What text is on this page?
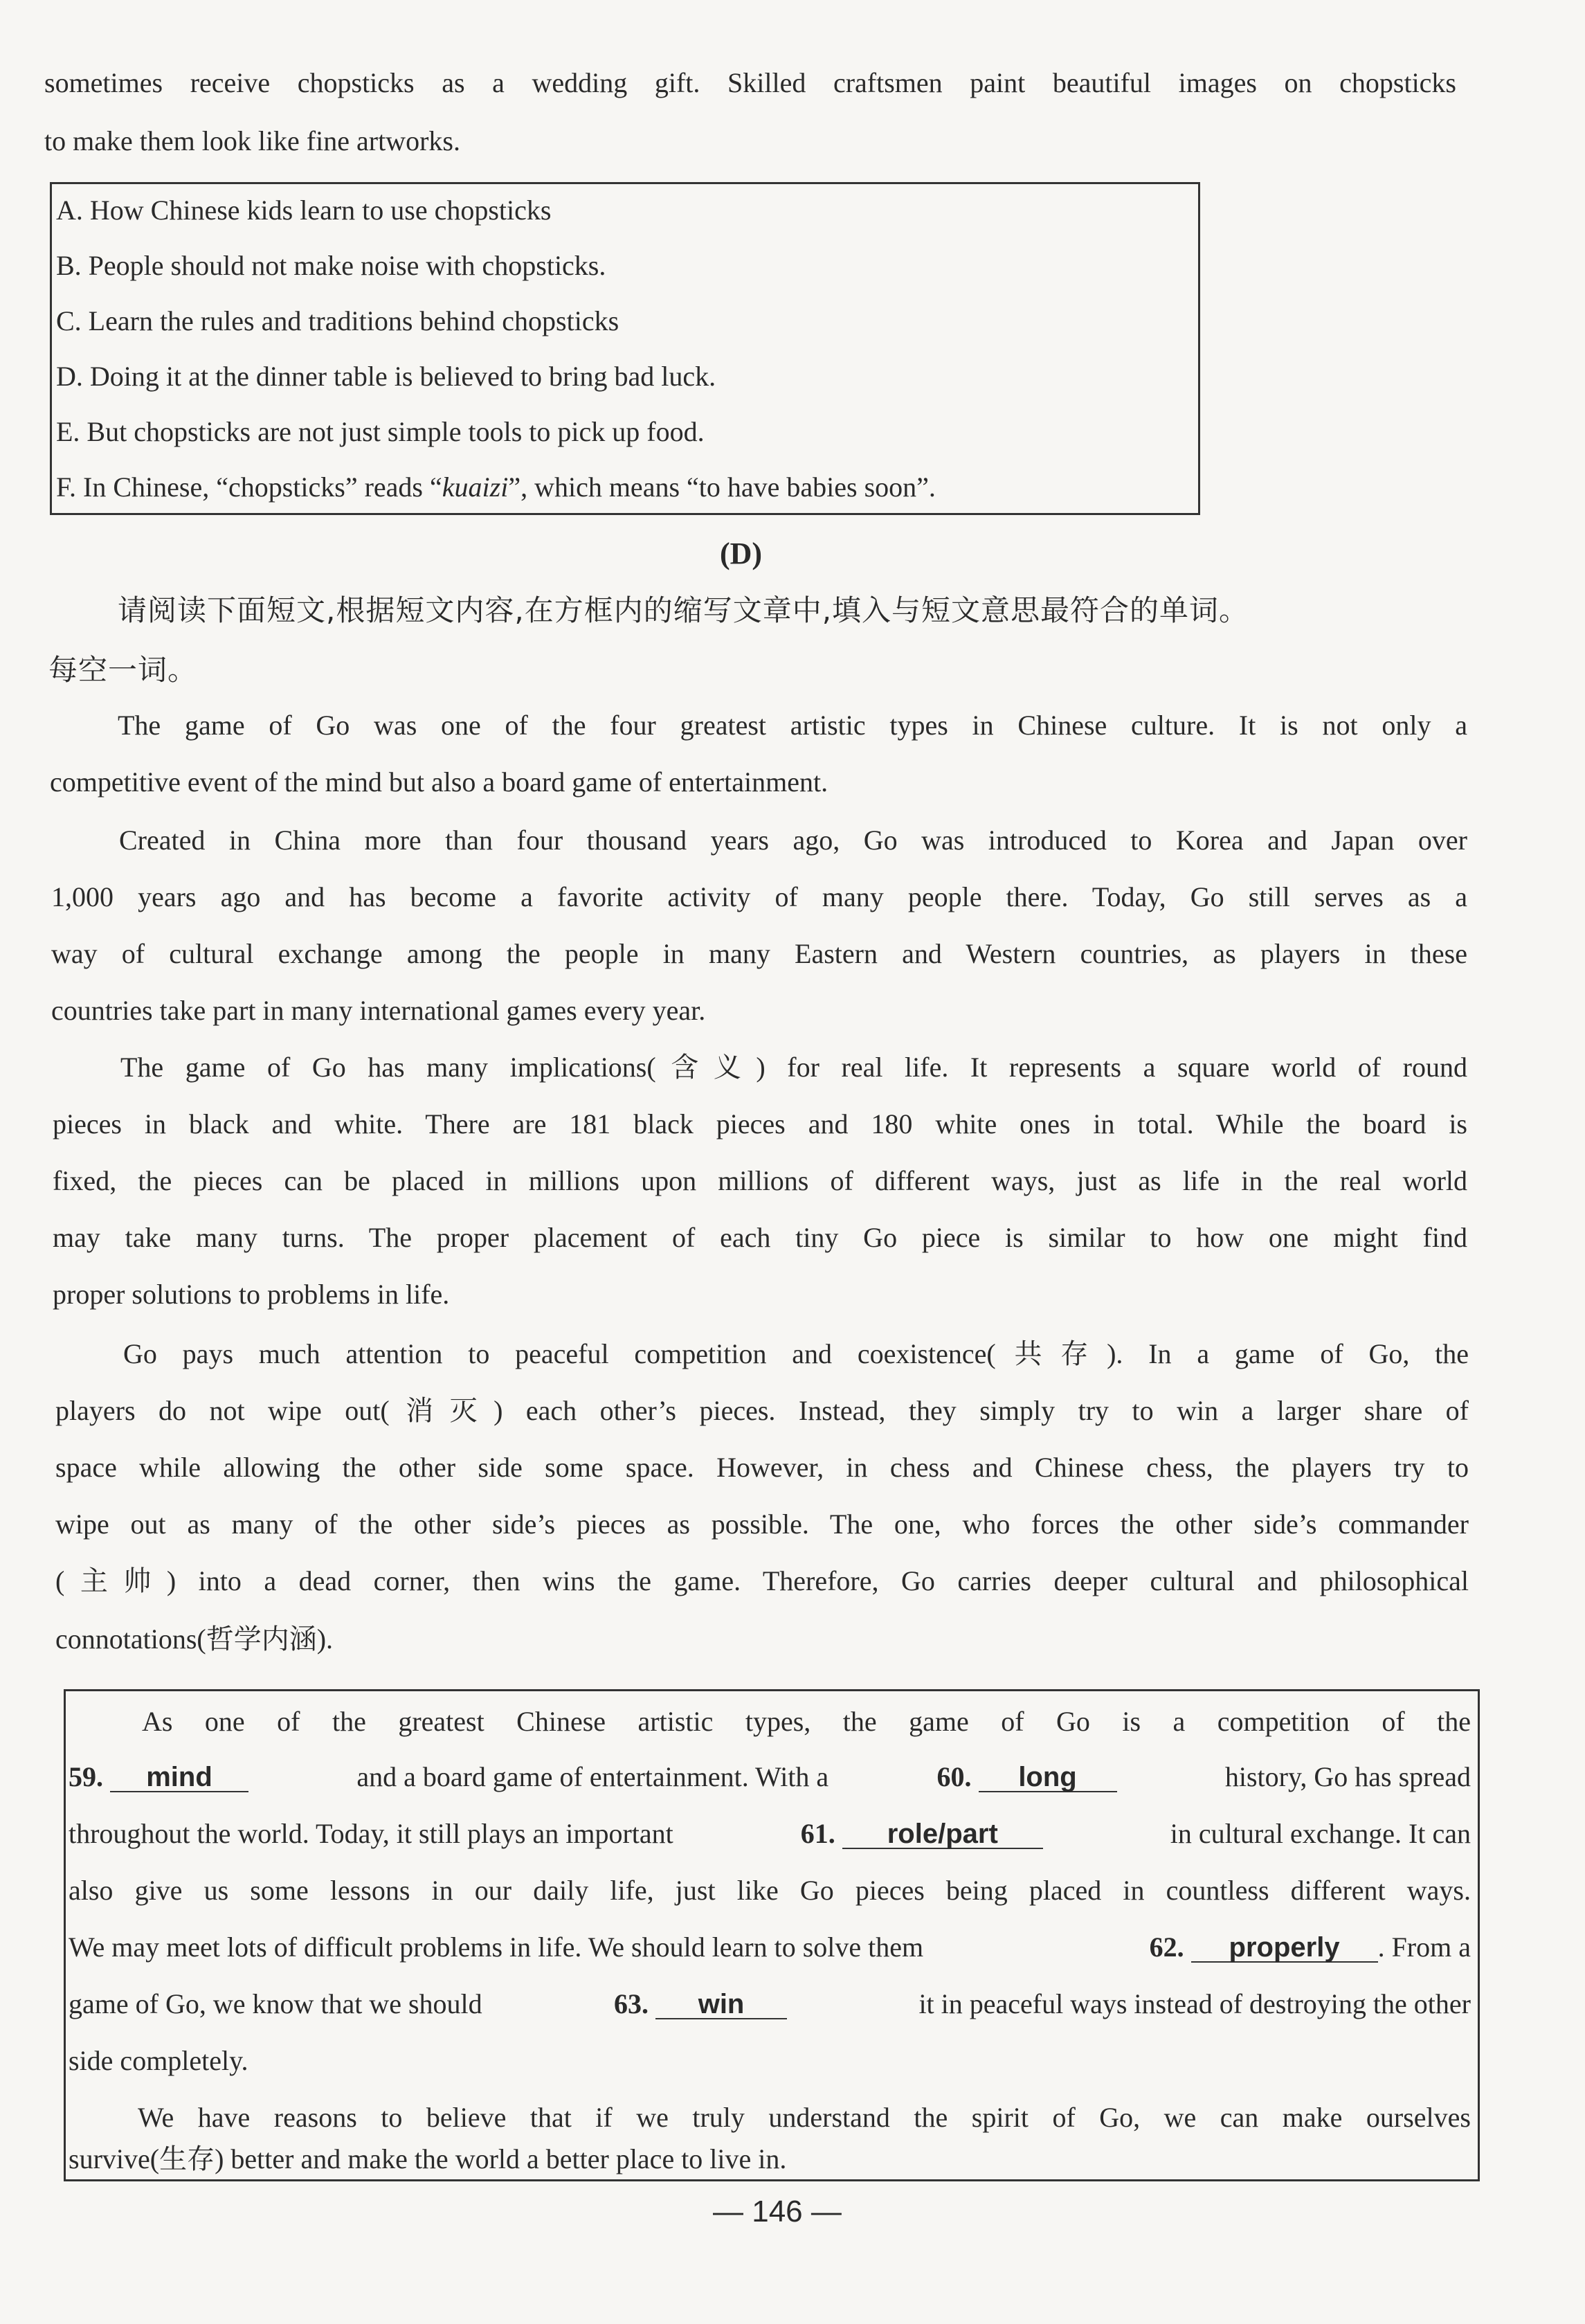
sometimes receive chopsticks as a wedding gift. Skilled craftsmen paint beautiful images on chopsticks
to make them look like fine artworks.
A. How Chinese kids learn to use chopsticks
B. People should not make noise with chopsticks.
C. Learn the rules and traditions behind chopsticks
D. Doing it at the dinner table is believed to bring bad luck.
E. But chopsticks are not just simple tools to pick up food.
F. In Chinese, “chopsticks” reads “kuaizi”, which means “to have babies soon”.
(D)
请阅读下面短文,根据短文内容,在方框内的缩写文章中,填入与短文意思最符合的单词。
每空一词。
The game of Go was one of the four greatest artistic types in Chinese culture. It is not only a
competitive event of the mind but also a board game of entertainment.
Created in China more than four thousand years ago, Go was introduced to Korea and Japan over
1,000 years ago and has become a favorite activity of many people there. Today, Go still serves as a
way of cultural exchange among the people in many Eastern and Western countries, as players in these
countries take part in many international games every year.
The game of Go has many implications(含义) for real life. It represents a square world of round
pieces in black and white. There are 181 black pieces and 180 white ones in total. While the board is
fixed, the pieces can be placed in millions upon millions of different ways, just as life in the real world
may take many turns. The proper placement of each tiny Go piece is similar to how one might find
proper solutions to problems in life.
Go pays much attention to peaceful competition and coexistence(共存). In a game of Go, the
players do not wipe out(消灭) each other’s pieces. Instead, they simply try to win a larger share of
space while allowing the other side some space. However, in chess and Chinese chess, the players try to
wipe out as many of the other side’s pieces as possible. The one, who forces the other side’s commander
(主帅) into a dead corner, then wins the game. Therefore, Go carries deeper cultural and philosophical
connotations(哲学内涵).
As one of the greatest Chinese artistic types, the game of Go is a competition of the
59. mind	and a board game of entertainment. With a	60. long	history, Go has spread
throughout the world. Today, it still plays an important	61. role/part	in cultural exchange. It can
also give us some lessons in our daily life, just like Go pieces being placed in countless different ways.
We may meet lots of difficult problems in life. We should learn to solve them	62. properly . From a
game of Go, we know that we should	63. win	it in peaceful ways instead of destroying the other
side completely.
We have reasons to believe that if we truly understand the spirit of Go, we can make ourselves
survive(生存) better and make the world a better place to live in.
— 146 —
